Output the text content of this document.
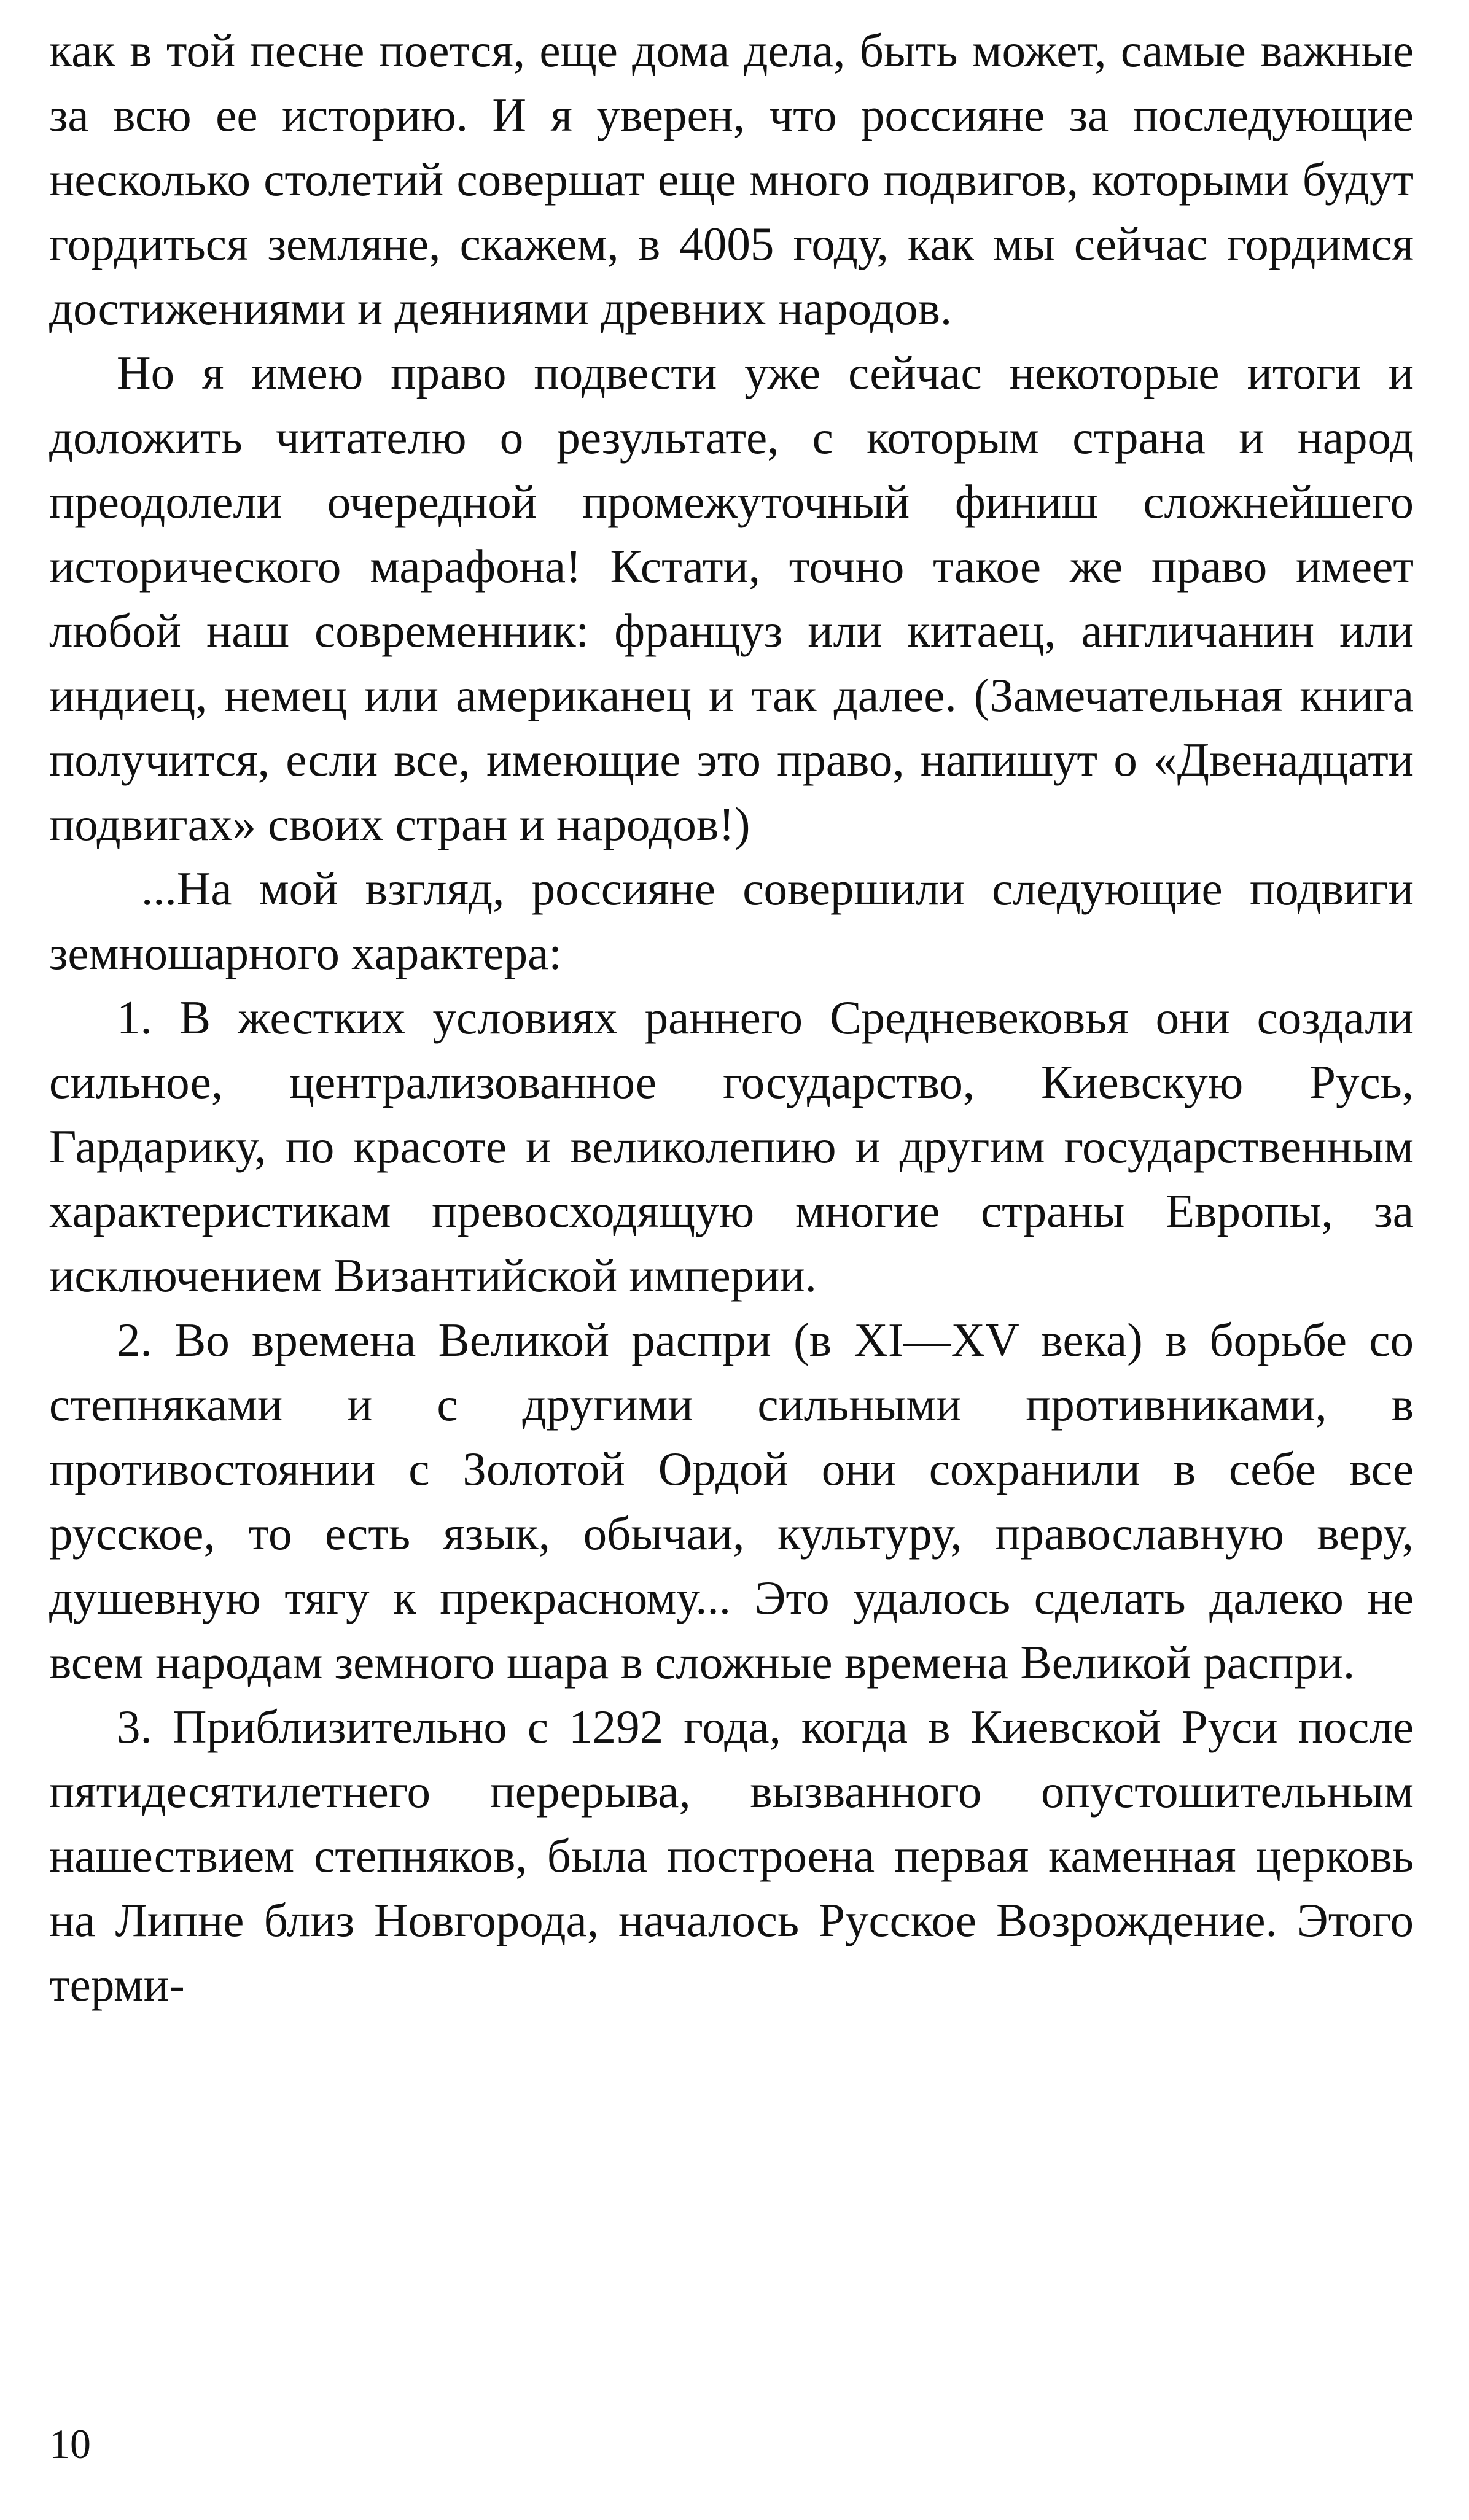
как в той песне поется, еще дома дела, быть может, самые важные за всю ее историю. И я уверен, что россияне за последующие несколько столетий совершат еще много подвигов, которыми будут гордиться земляне, скажем, в 4005 году, как мы сейчас гордимся достижениями и деяниями древних народов.

Но я имею право подвести уже сейчас некоторые итоги и доложить читателю о результате, с которым страна и народ преодолели очередной промежуточный финиш сложнейшего исторического марафона! Кстати, точно такое же право имеет любой наш современник: француз или китаец, англичанин или индиец, немец или американец и так далее. (Замечательная книга получится, если все, имеющие это право, напишут о «Двенадцати подвигах» своих стран и народов!)

...На мой взгляд, россияне совершили следующие подвиги земношарного характера:

1. В жестких условиях раннего Средневековья они создали сильное, централизованное государство, Киевскую Русь, Гардарику, по красоте и великолепию и другим государственным характеристикам превосходящую многие страны Европы, за исключением Византийской империи.

2. Во времена Великой распри (в XI—XV века) в борьбе со степняками и с другими сильными противниками, в противостоянии с Золотой Ордой они сохранили в себе все русское, то есть язык, обычаи, культуру, православную веру, душевную тягу к прекрасному... Это удалось сделать далеко не всем народам земного шара в сложные времена Великой распри.

3. Приблизительно с 1292 года, когда в Киевской Руси после пятидесятилетнего перерыва, вызванного опустошительным нашествием степняков, была построена первая каменная церковь на Липне близ Новгорода, началось Русское Возрождение. Этого терми-

10
